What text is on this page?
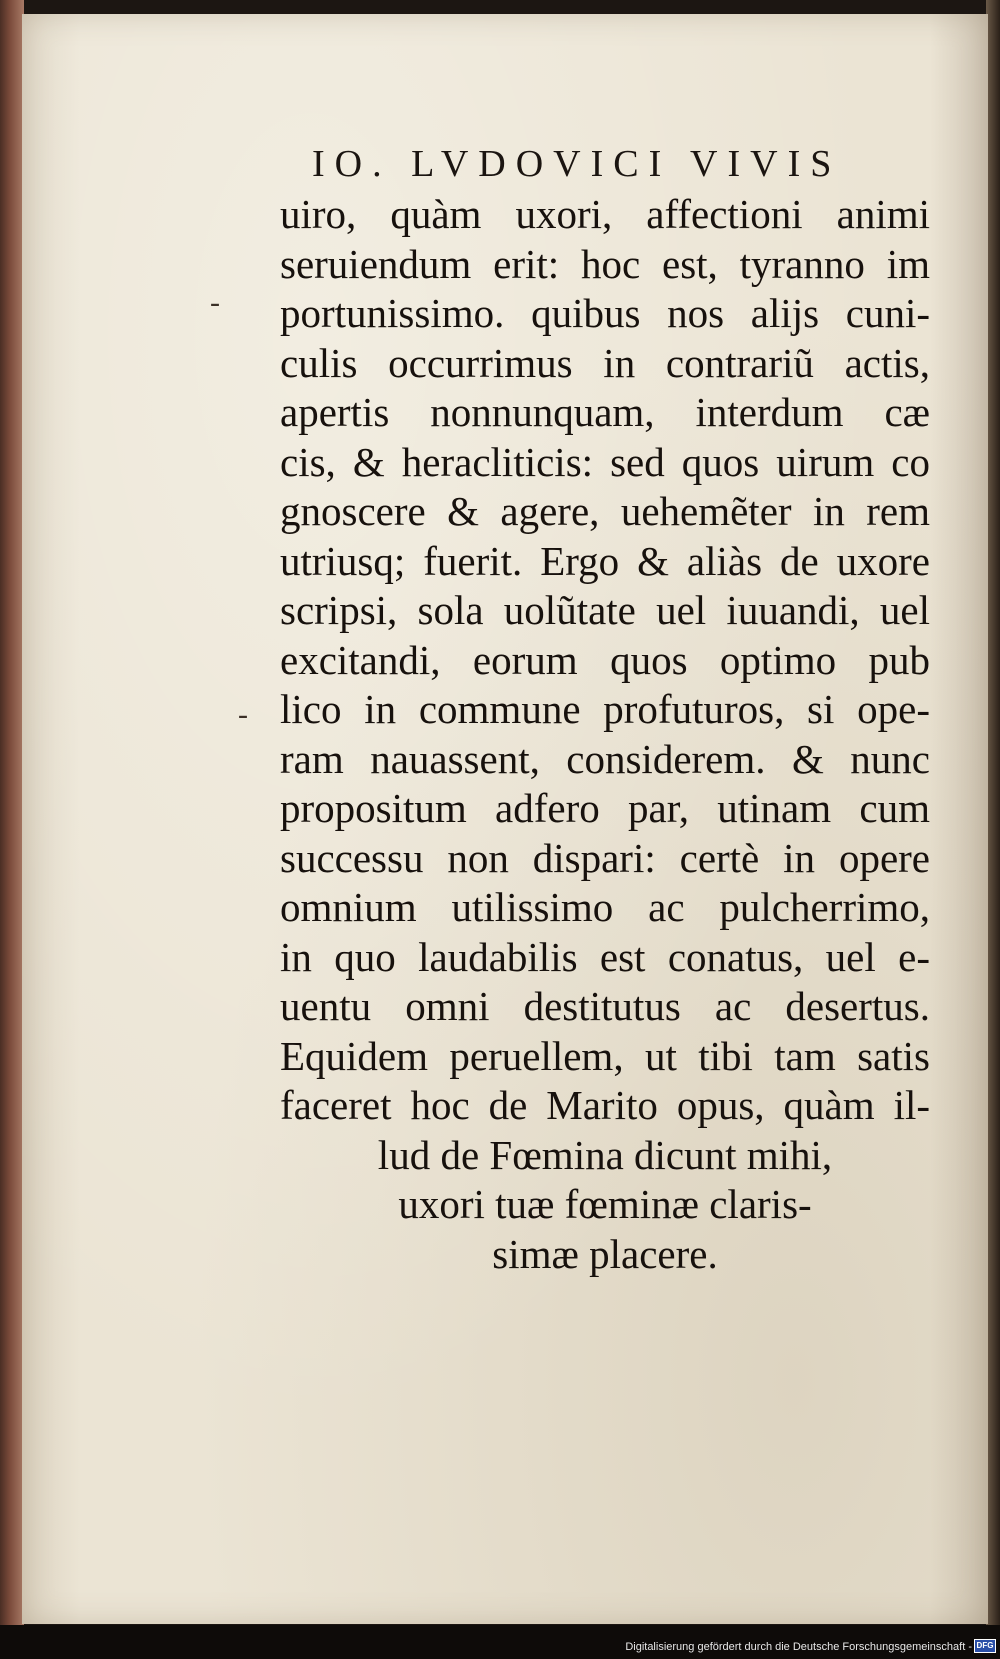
IO. LVDOVICI VIVIS
uiro, quàm uxori, affectioni animi
seruiendum erit: hoc est, tyranno im
portunissimo. quibus nos alijs cuni-
culis occurrimus in contrariũ actis,
apertis nonnunquam, interdum cæ
cis, & heracliticis: sed quos uirum co
gnoscere & agere, uehemẽter in rem
utriusq; fuerit. Ergo & aliàs de uxore
scripsi, sola uolũtate uel iuuandi, uel
excitandi, eorum quos optimo pub
lico in commune profuturos, si ope-
ram nauassent, considerem. & nunc
propositum adfero par, utinam cum
successu non dispari: certè in opere
omnium utilissimo ac pulcherrimo,
in quo laudabilis est conatus, uel e-
uentu omni destitutus ac desertus.
Equidem peruellem, ut tibi tam satis
faceret hoc de Marito opus, quàm il-
lud de Fœmina dicunt mihi,
uxori tuæ fœminæ claris-
simæ placere.
-
-
Digitalisierung gefördert durch die Deutsche Forschungsgemeinschaft - DFG
